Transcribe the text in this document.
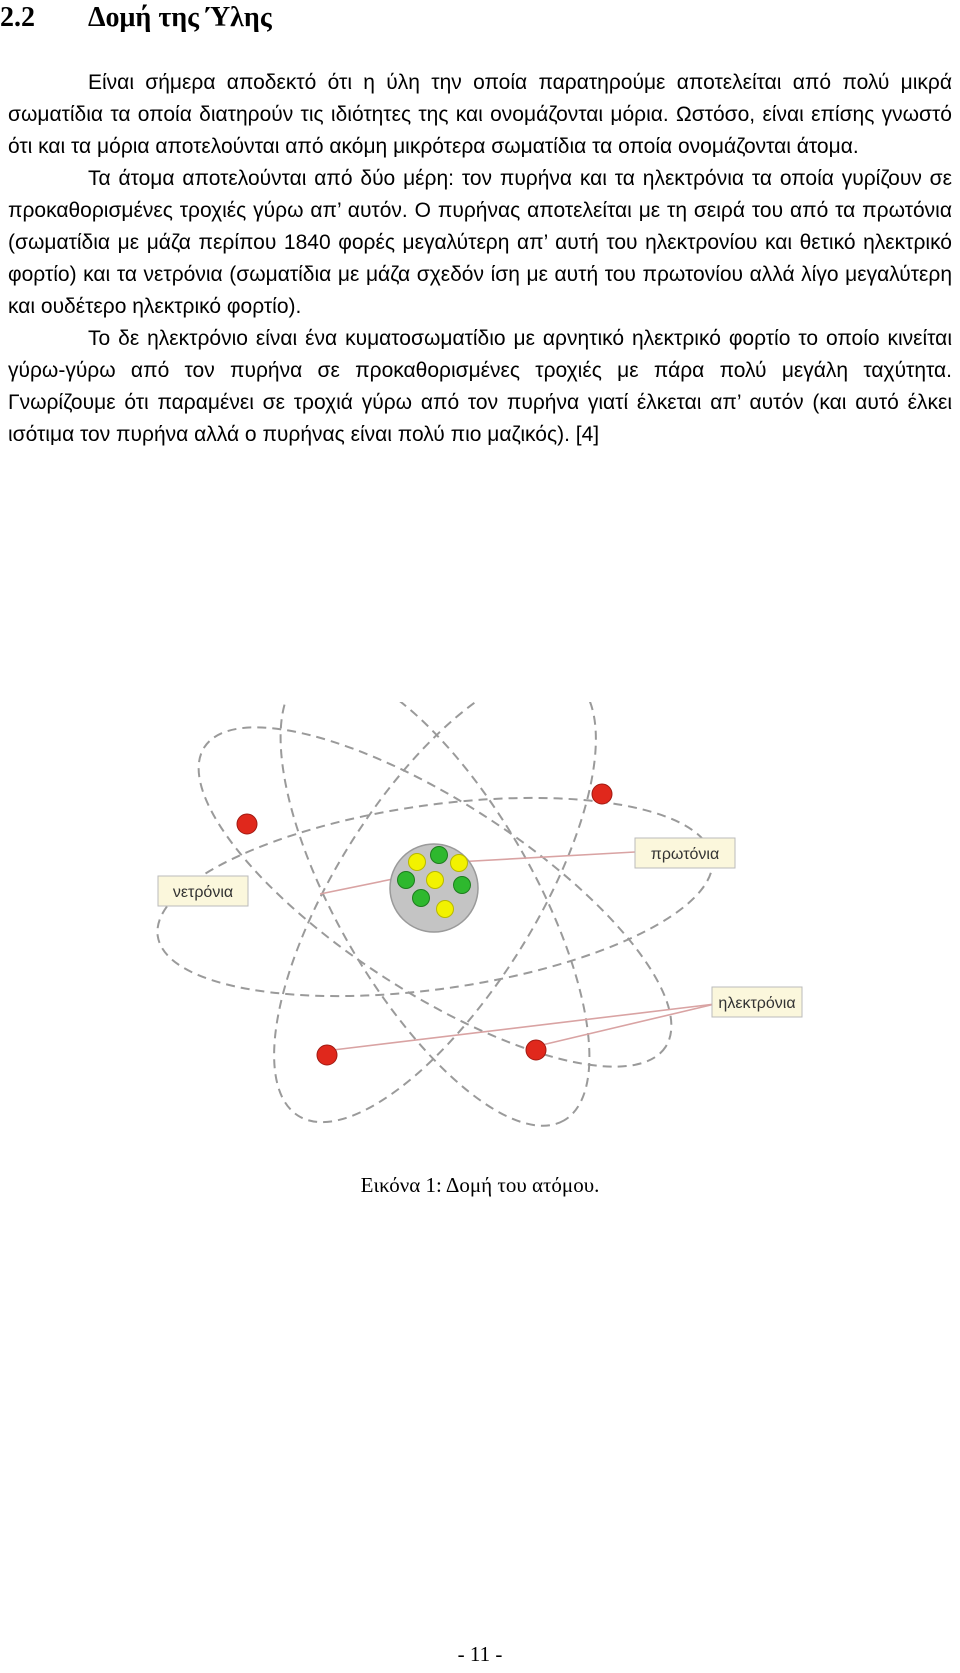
2.2 Δομή της Ύλης

Είναι σήμερα αποδεκτό ότι η ύλη την οποία παρατηρούμε αποτελείται από πολύ μικρά σωματίδια τα οποία διατηρούν τις ιδιότητες της και ονομάζονται μόρια. Ωστόσο, είναι επίσης γνωστό ότι και τα μόρια αποτελούνται από ακόμη μικρότερα σωματίδια τα οποία ονομάζονται άτομα.

Τα άτομα αποτελούνται από δύο μέρη: τον πυρήνα και τα ηλεκτρόνια τα οποία γυρίζουν σε προκαθορισμένες τροχιές γύρω απ’ αυτόν. Ο πυρήνας αποτελείται με τη σειρά του από τα πρωτόνια (σωματίδια με μάζα περίπου 1840 φορές μεγαλύτερη απ’ αυτή του ηλεκτρονίου και θετικό ηλεκτρικό φορτίο) και τα νετρόνια (σωματίδια με μάζα σχεδόν ίση με αυτή του πρωτονίου αλλά λίγο μεγαλύτερη και ουδέτερο ηλεκτρικό φορτίο).

Το δε ηλεκτρόνιο είναι ένα κυματοσωματίδιο με αρνητικό ηλεκτρικό φορτίο το οποίο κινείται γύρω-γύρω από τον πυρήνα σε προκαθορισμένες τροχιές με πάρα πολύ μεγάλη ταχύτητα. Γνωρίζουμε ότι παραμένει σε τροχιά γύρω από τον πυρήνα γιατί έλκεται απ’ αυτόν (και αυτό έλκει ισότιμα τον πυρήνα αλλά ο πυρήνας είναι πολύ πιο μαζικός). [4]

νετρόνια
πρωτόνια
ηλεκτρόνια
Εικόνα 1: Δομή του ατόμου.
- 11 -
